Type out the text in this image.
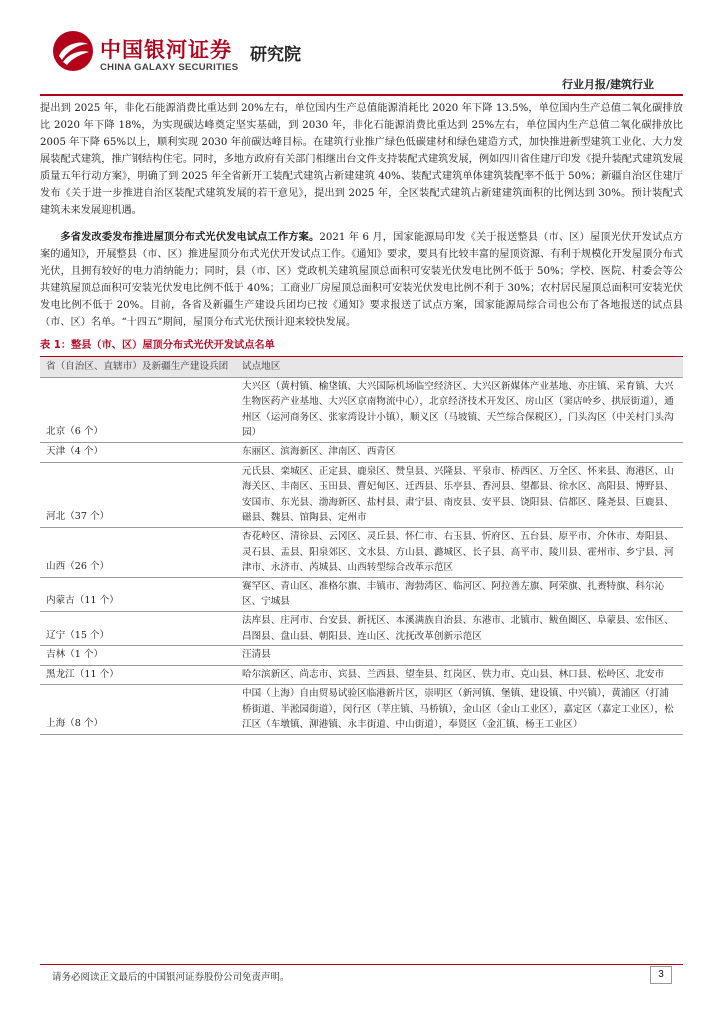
中国银河证券
CHINA GALAXY SECURITIES
研究院
行业月报/建筑行业

提出到 2025 年，非化石能源消费比重达到 20%左右，单位国内生产总值能源消耗比 2020 年下降 13.5%，单位国内生产总值二氧化碳排放比 2020 年下降 18%，为实现碳达峰奠定坚实基础，到 2030 年，非化石能源消费比重达到 25%左右，单位国内生产总值二氧化碳排放比 2005 年下降 65%以上，顺利实现 2030 年前碳达峰目标。在建筑行业推广绿色低碳建材和绿色建造方式，加快推进新型建筑工业化、大力发展装配式建筑，推广钢结构住宅。同时，多地方政府有关部门相继出台文件支持装配式建筑发展，例如四川省住建厅印发《提升装配式建筑发展质量五年行动方案》，明确了到 2025 年全省新开工装配式建筑占新建建筑 40%、装配式建筑单体建筑装配率不低于 50%；新疆自治区住建厅发布《关于进一步推进自治区装配式建筑发展的若干意见》，提出到 2025 年，全区装配式建筑占新建建筑面积的比例达到 30%。预计装配式建筑未来发展迎机遇。

多省发改委发布推进屋顶分布式光伏发电试点工作方案。2021 年 6 月，国家能源局印发《关于报送整县（市、区）屋顶光伏开发试点方案的通知》，开展整县（市、区）推进屋顶分布式光伏开发试点工作。《通知》要求，要具有比较丰富的屋顶资源、有利于规模化开发屋顶分布式光伏，且拥有较好的电力消纳能力；同时，县（市、区）党政机关建筑屋顶总面积可安装光伏发电比例不低于 50%；学校、医院、村委会等公共建筑屋顶总面积可安装光伏发电比例不低于 40%；工商业厂房屋顶总面积可安装光伏发电比例不利于 30%；农村居民屋顶总面积可安装光伏发电比例不低于 20%。目前，各省及新疆生产建设兵团均已按《通知》要求报送了试点方案，国家能源局综合司也公布了各地报送的试点县（市、区）名单。“十四五”期间，屋顶分布式光伏预计迎来较快发展。

表 1：整县（市、区）屋顶分布式光伏开发试点名单
省（自治区、直辖市）及新疆生产建设兵团	试点地区
北京（6 个）	大兴区（黄村镇、榆垡镇、大兴国际机场临空经济区、大兴区新媒体产业基地、亦庄镇、采育镇、大兴生物医药产业基地、大兴区京南物流中心），北京经济技术开发区、房山区（窦店岭乡、拱辰街道），通州区（运河商务区、张家湾设计小镇），顺义区（马坡镇、天竺综合保税区），门头沟区（中关村门头沟园）
天津（4 个）	东丽区、滨海新区、津南区、西青区
河北（37 个）	元氏县、栾城区、正定县、鹿泉区、赞皇县、兴隆县、平泉市、桥西区、万全区、怀来县、海港区、山海关区、丰南区、玉田县、曹妃甸区、迁西县、乐亭县、香河县、望都县、徐水区、高阳县、博野县、安国市、东光县、渤海新区、盐村县、肃宁县、南皮县、安平县、饶阳县、信都区、隆尧县、巨鹿县、磁县、魏县、馆陶县、定州市
山西（26 个）	杏花岭区、清徐县、云冈区、灵丘县、怀仁市、右玉县、忻府区、五台县、原平市、介休市、寿阳县、灵石县、盂县、阳泉郊区、文水县、方山县、潞城区、长子县、高平市、陵川县、霍州市、乡宁县、河津市、永济市、芮城县、山西转型综合改革示范区
内蒙古（11 个）	赛罕区、青山区、准格尔旗、丰镇市、海勃湾区、临河区、阿拉善左旗、阿荣旗、扎赉特旗、科尔沁区、宁城县
辽宁（15 个）	法库县、庄河市、台安县、新抚区、本溪满族自治县、东港市、北镇市、鲅鱼圈区、阜蒙县、宏伟区、昌图县、盘山县、朝阳县、连山区、沈抚改革创新示范区
吉林（1 个）	汪清县
黑龙江（11 个）	哈尔滨新区、尚志市、宾县、兰西县、望奎县、红岗区、铁力市、克山县、林口县、松岭区、北安市
上海（8 个）	中国（上海）自由贸易试验区临港新片区，崇明区（新河镇、堡镇、建设镇、中兴镇），黄浦区（打浦桥街道、半淞园街道），闵行区（莘庄镇、马桥镇），金山区（金山工业区），嘉定区（嘉定工业区），松江区（车墩镇、泖港镇、永丰街道、中山街道），奉贤区（金汇镇、杨王工业区）
请务必阅读正文最后的中国银河证券股份公司免责声明。	3
